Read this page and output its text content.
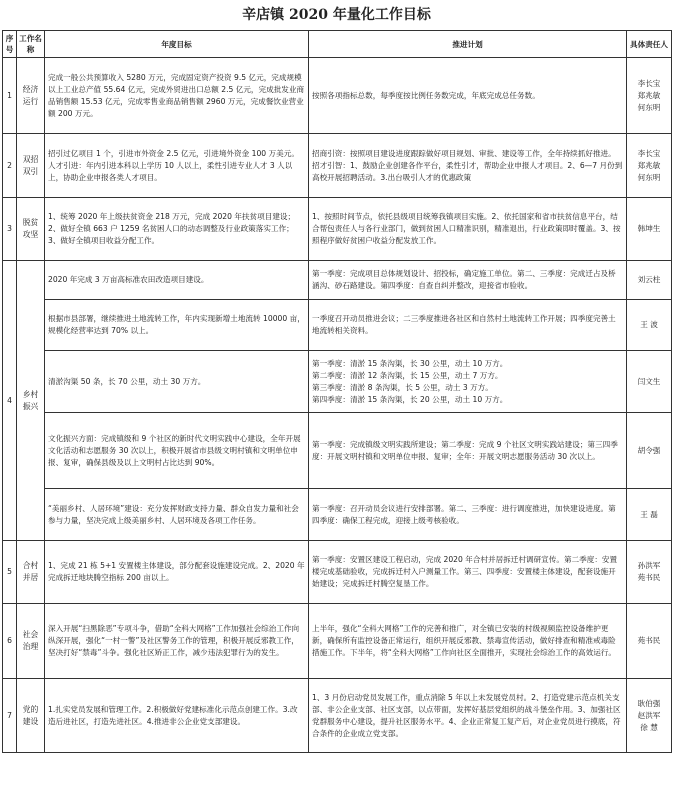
辛店镇 2020 年量化工作目标
序号	工作名称	年度目标	推进计划	具体责任人
1	经济运行	完成一般公共预算收入 5280 万元，完成固定资产投资 9.5 亿元，完成规模以上工业总产值 55.64 亿元，完成外贸进出口总额 2.5 亿元，完成批发业商品销售额 15.53 亿元，完成零售业商品销售额 2960 万元，完成餐饮业营业额 200 万元。	按照各项指标总数，每季度按比例任务数完成，年底完成总任务数。	李长宝
郑兆敏
何东明
2	双招双引	招引过亿项目 1 个，引进市外资金 2.5 亿元，引进境外资金 100 万美元。人才引进：年内引进本科以上学历 10 人以上，柔性引进专业人才 3 人以上，协助企业申报各类人才项目。	招商引资：按照项目建设进度跟踪做好项目规划、审批、建设等工作，全年持续抓好推进。招才引智：1、鼓励企业创建各作平台，柔性引才，帮助企业申报人才项目。2、6—7 月份到高校开展招聘活动。3.出台吸引人才的优惠政策	李长宝
郑兆敏
何东明
3	脱贫攻坚	1、统筹 2020 年上级扶贫资金 218 万元，完成 2020 年扶贫项目建设；2、做好全镇 663 户 1259 名贫困人口的动态调整及行业政策落实工作；3、做好全镇项目收益分配工作。	1、按照时间节点，依托县级项目统筹我镇项目实施。2、依托国家和省市扶贫信息平台，结合帮包责任人与各行业部门，做到贫困人口精准识别，精准退出，行业政策即时覆盖。3、按照程序做好贫困户收益分配发放工作。	韩坤生
4	乡村振兴	2020 年完成 3 万亩高标准农田改造项目建设。	第一季度：完成项目总体规划设计、招投标，确定施工单位。第二、三季度：完成迁占及桥涵沟、砂石路建设。第四季度：自查自纠并整改，迎接省市验收。	刘云柱
		根据市县部署，继续推进土地流转工作，年内实现新增土地流转 10000 亩，规模化经营率达到 70% 以上。	一季度召开动员推进会议；二三季度推进各社区和自然村土地流转工作开展；四季度完善土地流转相关资料。	王 波
		清淤沟渠 50 条，长 70 公里，动土 30 万方。	第一季度：清淤 15 条沟渠，长 30 公里，动土 10 万方。
第二季度：清淤 12 条沟渠，长 15 公里，动土 7 万方。
第三季度：清淤 8 条沟渠，长 5 公里，动土 3 万方。
第四季度：清淤 15 条沟渠，长 20 公里，动土 10 万方。	闫文生
		文化振兴方面：完成镇级和 9 个社区的新时代文明实践中心建设，全年开展文化活动和志愿服务 30 次以上，积极开展省市县级文明村镇和文明单位申报、复审，确保县级及以上文明村占比达到 90%。	第一季度：完成镇级文明实践所建设；第二季度：完成 9 个社区文明实践站建设；第三四季度：开展文明村镇和文明单位申报、复审；全年：开展文明志愿服务活动 30 次以上。	胡令强
		“美丽乡村、人居环境”建设：充分发挥财政支持力量、群众自发力量和社会参与力量，坚决完成上级美丽乡村、人居环境及各项工作任务。	第一季度：召开动员会议进行安排部署。第二、三季度：进行调度推进，加快建设进度。第四季度：确保工程完成，迎接上级考核验收。	王 磊
5	合村并居	1、完成 21 栋 5+1 安置楼主体建设，部分配套设施建设完成。2、2020 年完成拆迁地块腾空指标 200 亩以上。	第一季度：安置区建设工程启动，完成 2020 年合村并居拆迁村调研宣传。第二季度：安置楼完成基础验收，完成拆迁村入户测量工作。第三、四季度：安置楼主体建设，配套设施开始建设；完成拆迁村腾空复垦工作。	孙洪军
苑书民
6	社会治理	深入开展“扫黑除恶”专项斗争，借助“全科大网格”工作加强社会综治工作向纵深开展，强化“一村一警”及社区警务工作的管理，积极开展反邪教工作，坚决打好“禁毒”斗争。强化社区矫正工作，减少违法犯罪行为的发生。	上半年，强化“全科大网格”工作的完善和推广，对全镇已安装的村级视频监控设备维护更新，确保所有监控设备正常运行，组织开展反邪教、禁毒宣传活动，做好排查和精准戒毒险措施工作。下半年，将“全科大网格”工作向社区全面推开，实现社会综治工作的高效运行。	苑书民
7	党的建设	1.扎实党员发展和管理工作。2.积极做好党建标准化示范点创建工作。3.改造后进社区，打造先进社区。4.推进非公企业党支部建设。	1、3 月份启动党员发展工作，重点消除 5 年以上未发展党员村。2、打造党建示范点机关支部、非公企业支部、社区支部，以点带面，发挥好基层党组织的战斗堡垒作用。3、加强社区党群服务中心建设，提升社区服务水平。4、企业正常复工复产后，对企业党员进行摸底，符合条件的企业成立党支部。	耿伯强
赵洪军
徐 慧
